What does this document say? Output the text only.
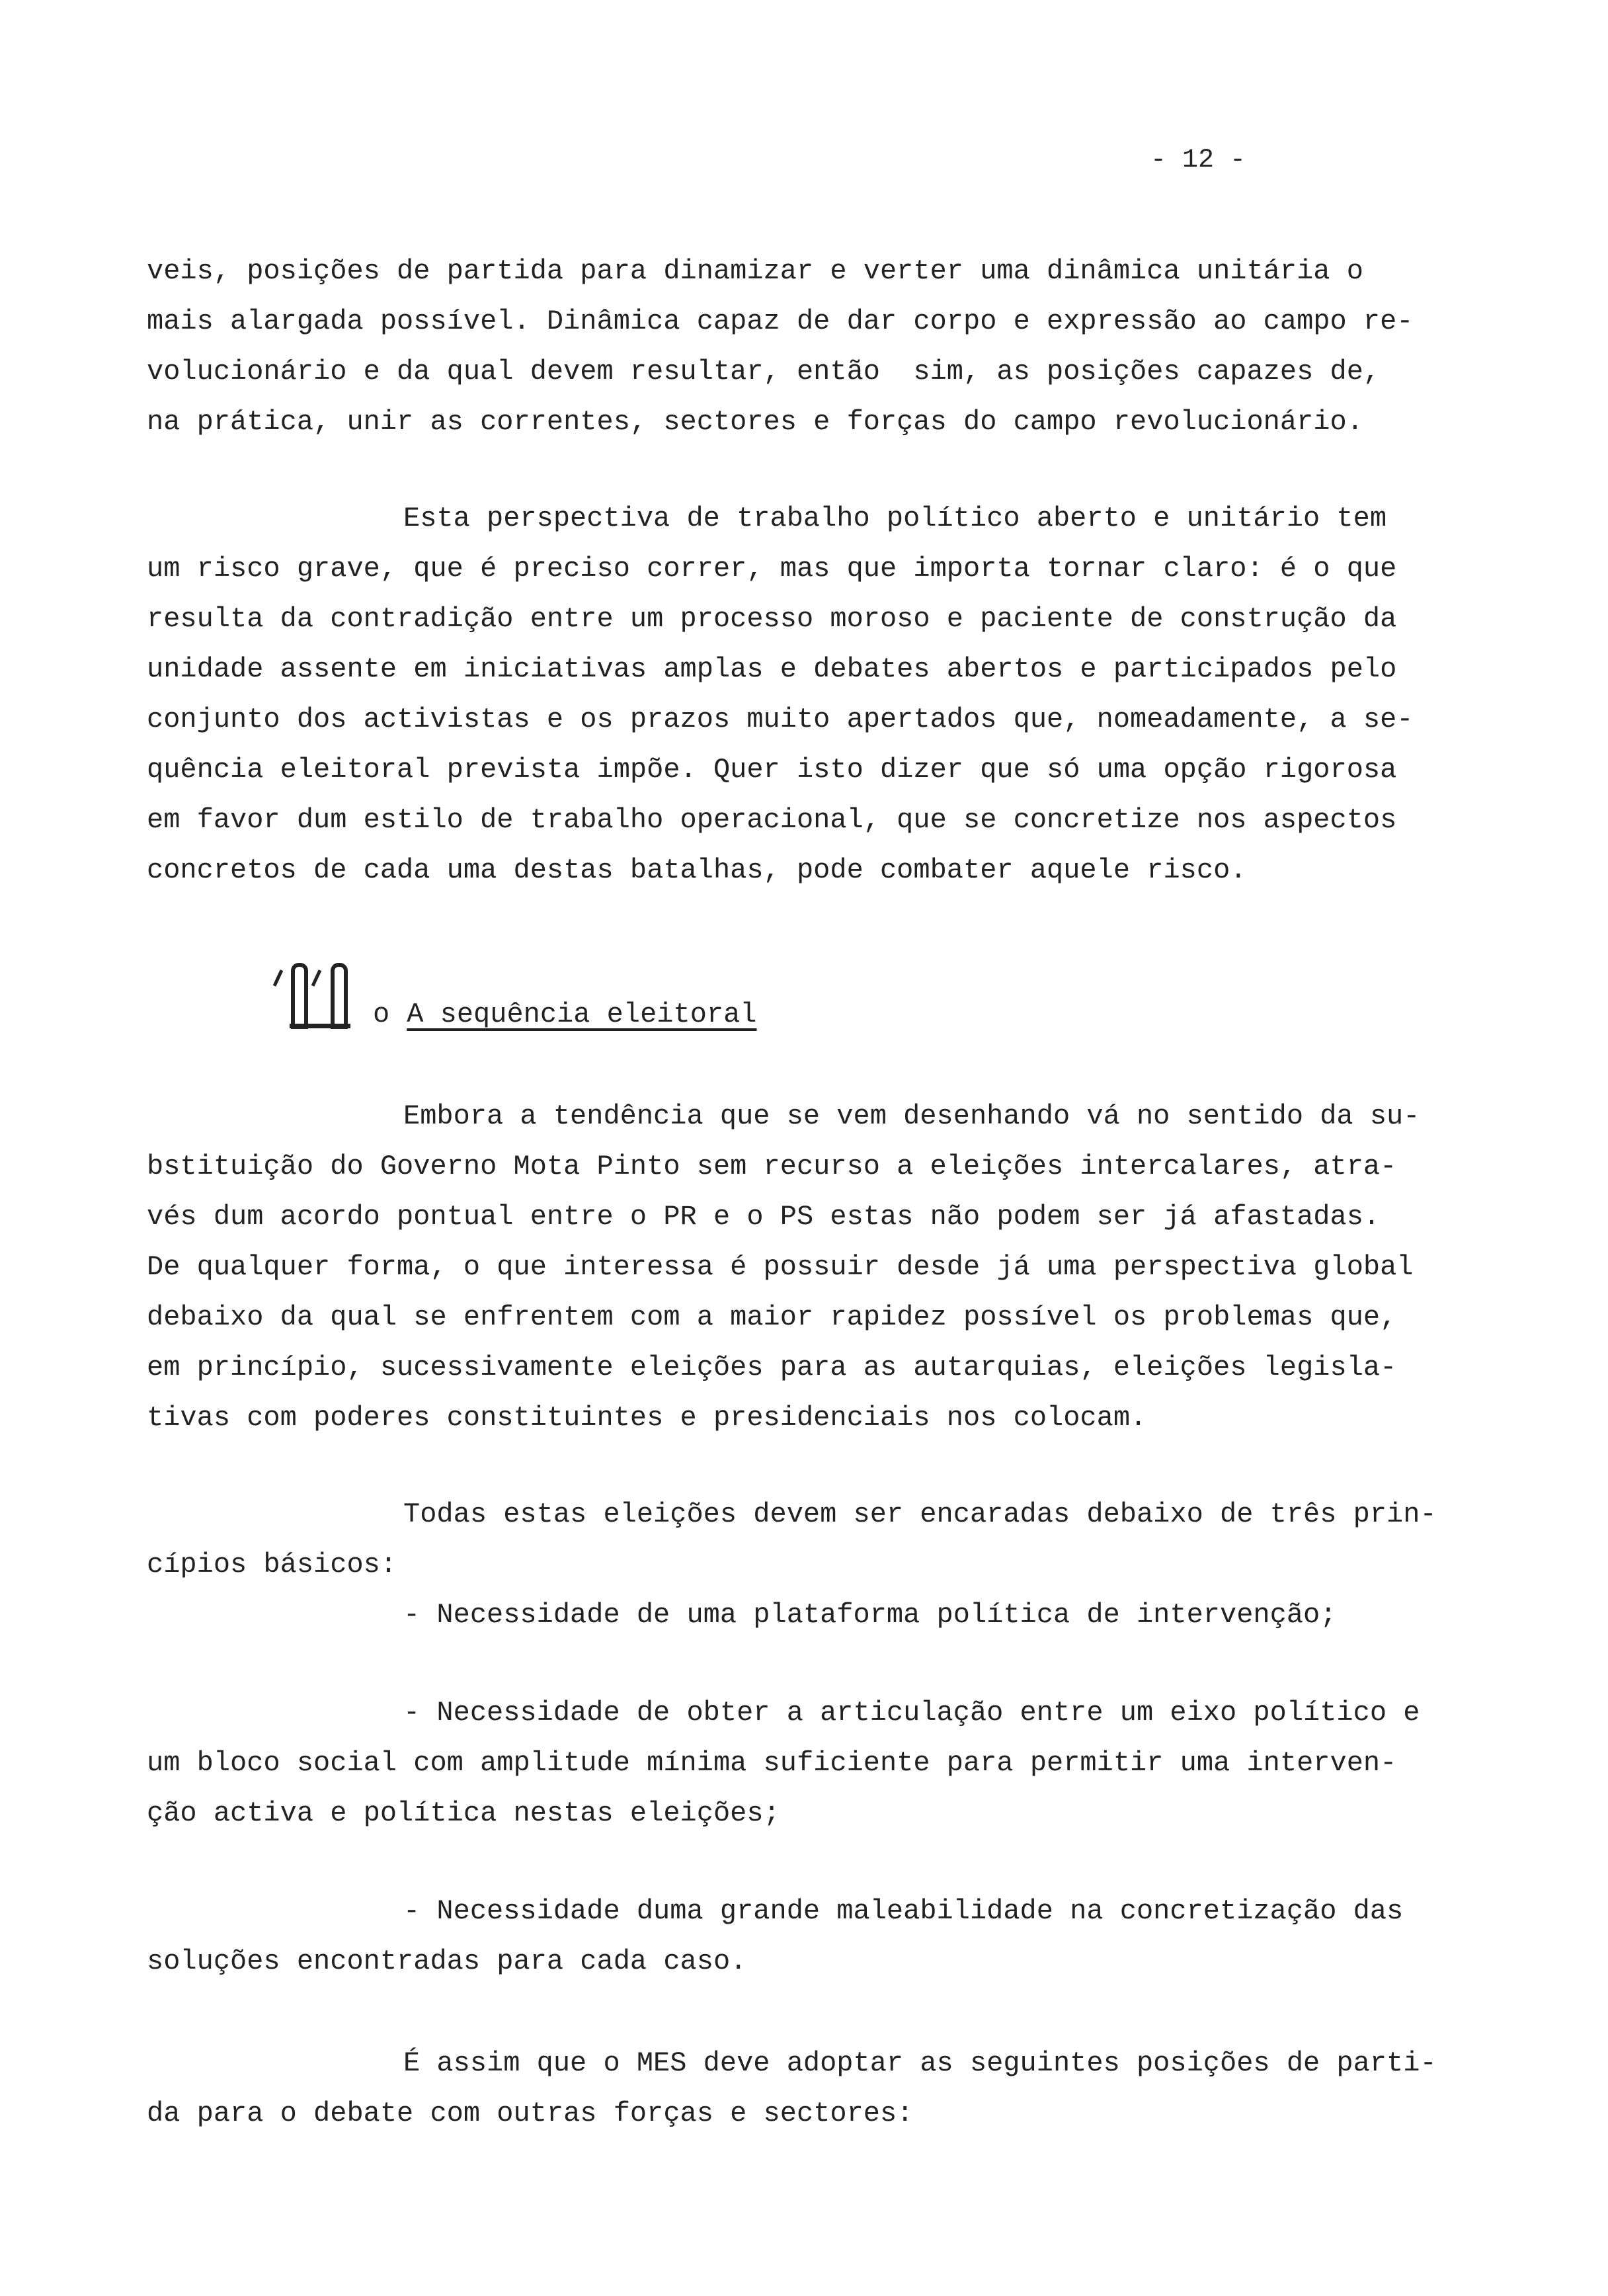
- 12 -
veis, posições de partida para dinamizar e verter uma dinâmica unitária o
mais alargada possível. Dinâmica capaz de dar corpo e expressão ao campo re-
volucionário e da qual devem resultar, então  sim, as posições capazes de,
na prática, unir as correntes, sectores e forças do campo revolucionário.
Esta perspectiva de trabalho político aberto e unitário tem
um risco grave, que é preciso correr, mas que importa tornar claro: é o que
resulta da contradição entre um processo moroso e paciente de construção da
unidade assente em iniciativas amplas e debates abertos e participados pelo
conjunto dos activistas e os prazos muito apertados que, nomeadamente, a se-
quência eleitoral prevista impõe. Quer isto dizer que só uma opção rigorosa
em favor dum estilo de trabalho operacional, que se concretize nos aspectos
concretos de cada uma destas batalhas, pode combater aquele risco.
o A sequência eleitoral
Embora a tendência que se vem desenhando vá no sentido da su-
bstituição do Governo Mota Pinto sem recurso a eleições intercalares, atra-
vés dum acordo pontual entre o PR e o PS estas não podem ser já afastadas.
De qualquer forma, o que interessa é possuir desde já uma perspectiva global
debaixo da qual se enfrentem com a maior rapidez possível os problemas que,
em princípio, sucessivamente eleições para as autarquias, eleições legisla-
tivas com poderes constituintes e presidenciais nos colocam.
Todas estas eleições devem ser encaradas debaixo de três prin-
cípios básicos:
- Necessidade de uma plataforma política de intervenção;
- Necessidade de obter a articulação entre um eixo político e
um bloco social com amplitude mínima suficiente para permitir uma interven-
ção activa e política nestas eleições;
- Necessidade duma grande maleabilidade na concretização das
soluções encontradas para cada caso.
É assim que o MES deve adoptar as seguintes posições de parti-
da para o debate com outras forças e sectores:
